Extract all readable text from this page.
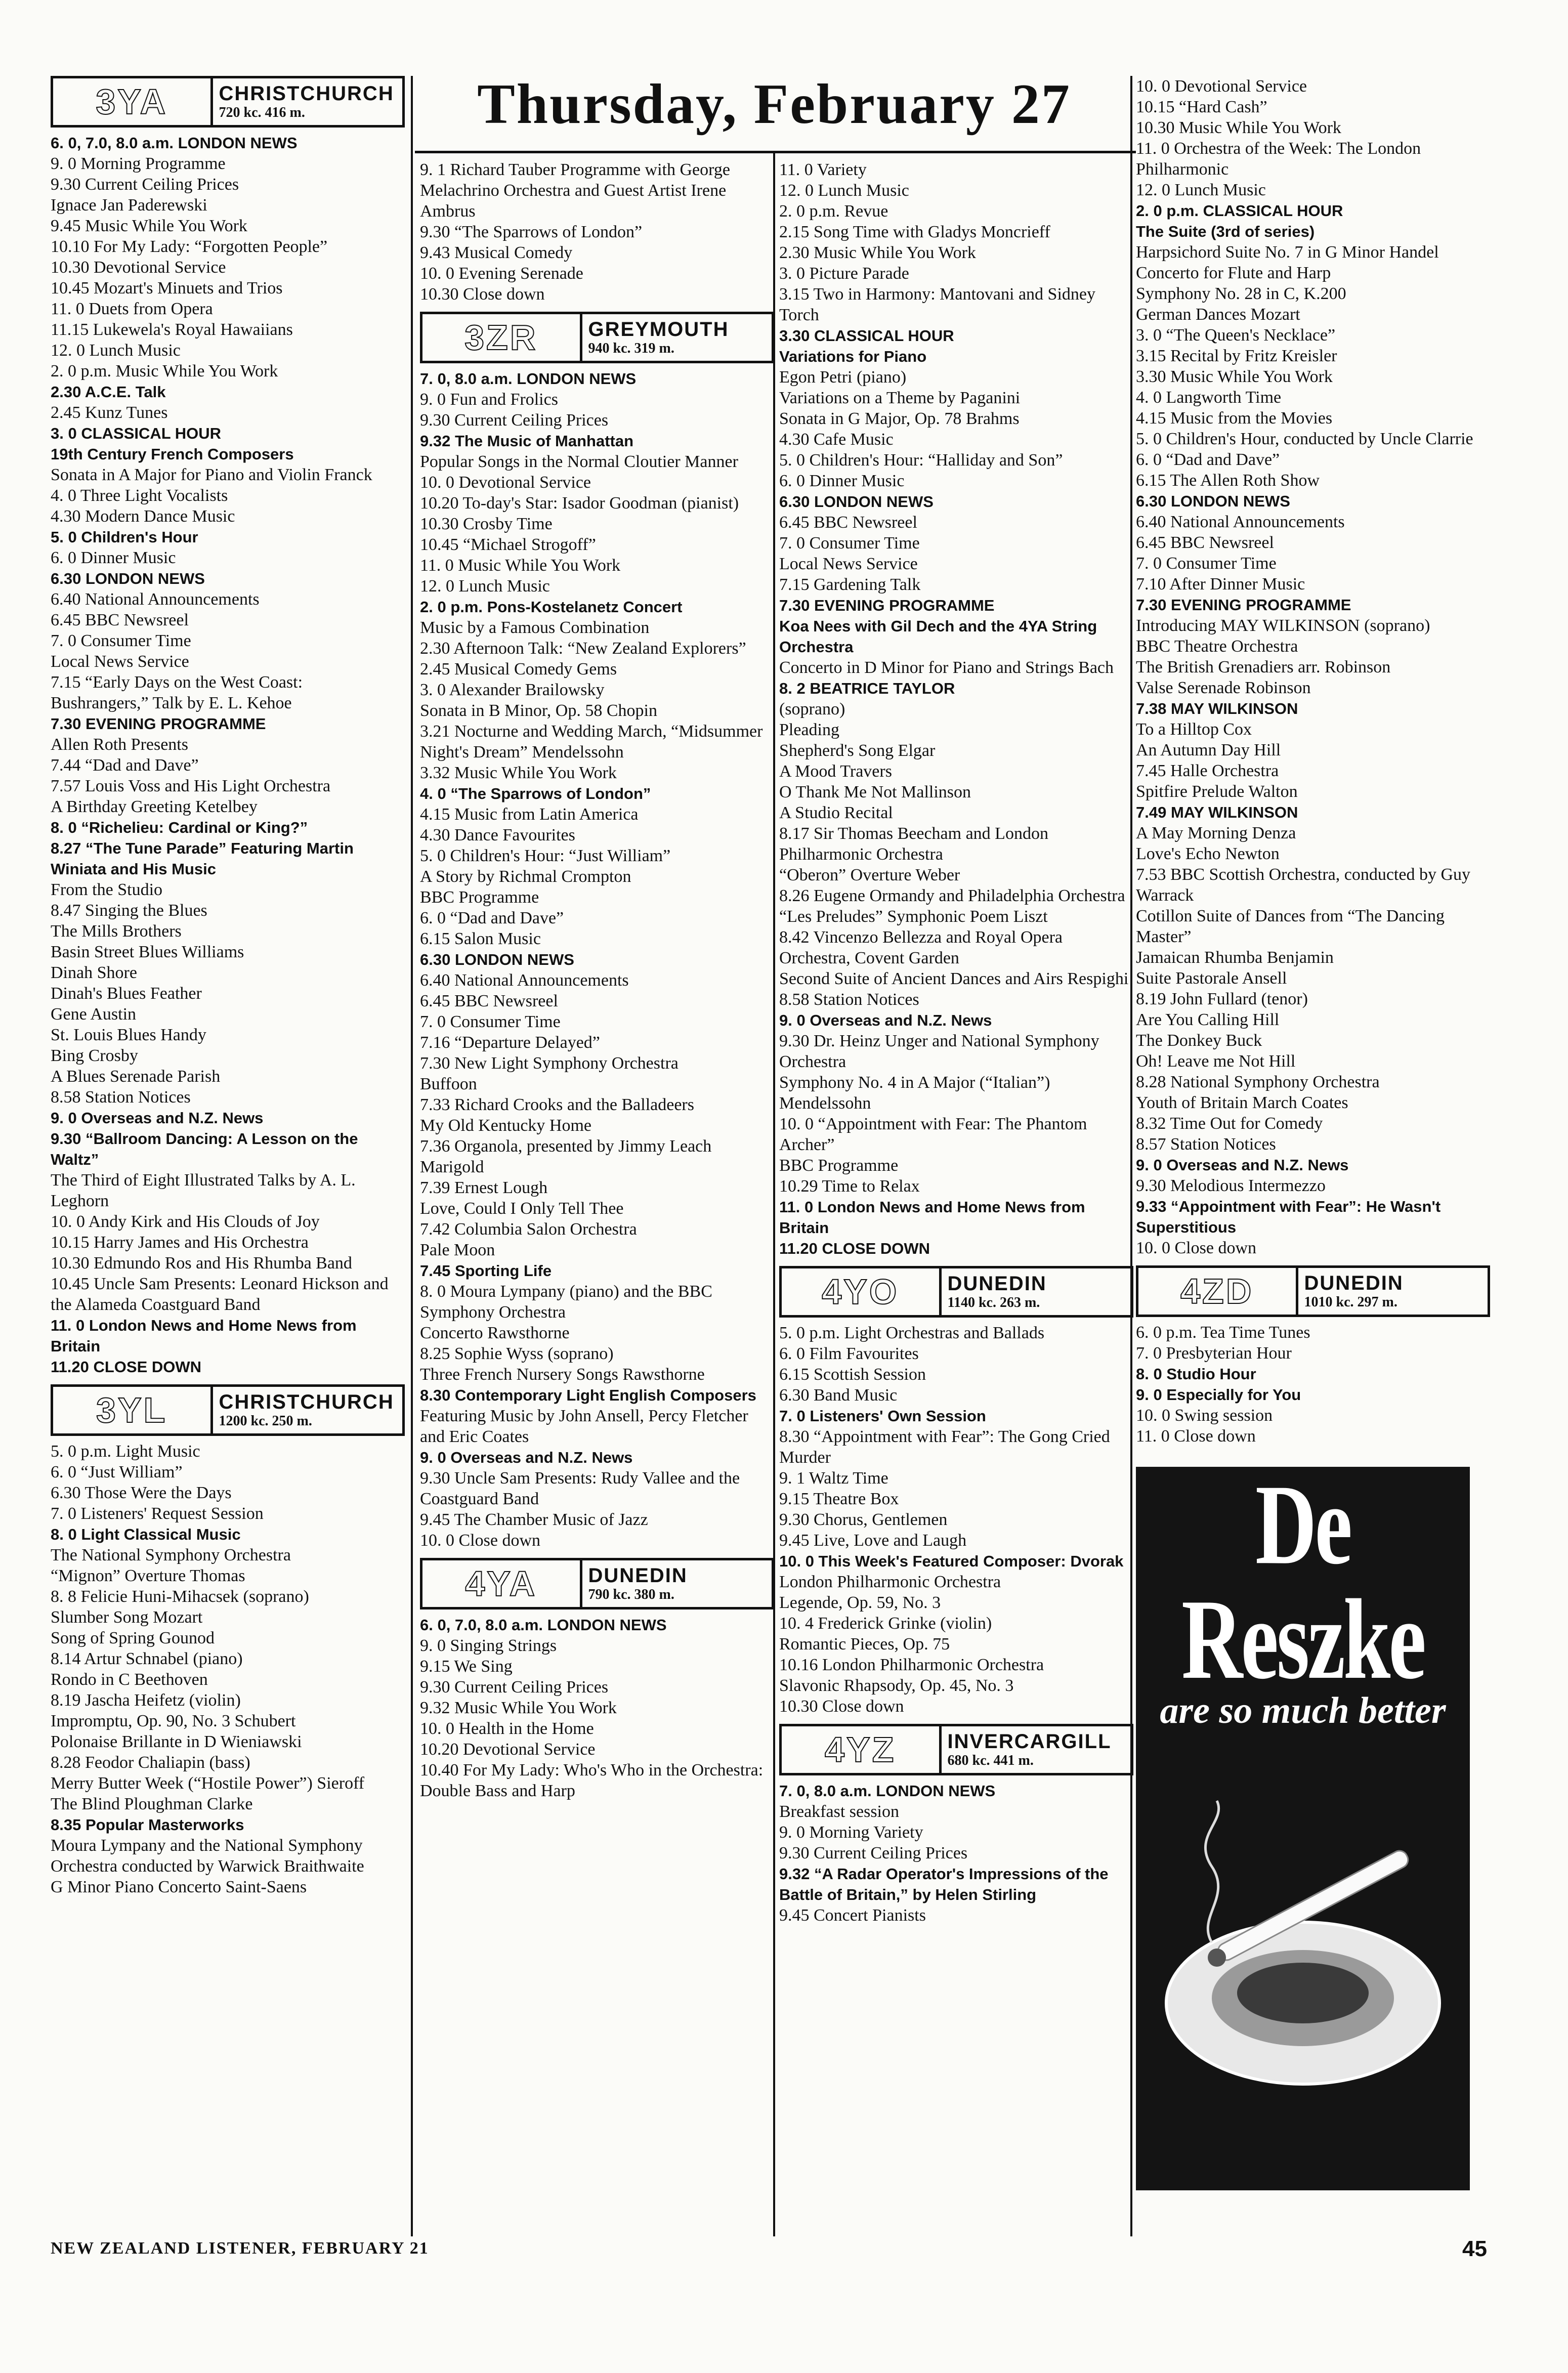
Thursday, February 27
3YA	CHRISTCHURCH
720 kc. 416 m.

6. 0, 7.0, 8.0 a.m. LONDON NEWS

9. 0 Morning Programme

9.30 Current Ceiling Prices

Ignace Jan Paderewski

9.45 Music While You Work

10.10 For My Lady: “Forgotten People”

10.30 Devotional Service

10.45 Mozart's Minuets and Trios

11. 0 Duets from Opera

11.15 Lukewela's Royal Hawaiians

12. 0 Lunch Music

2. 0 p.m. Music While You Work

2.30 A.C.E. Talk

2.45 Kunz Tunes

3. 0 CLASSICAL HOUR

19th Century French Composers

Sonata in A Major for Piano and Violin Franck

4. 0 Three Light Vocalists

4.30 Modern Dance Music

5. 0 Children's Hour

6. 0 Dinner Music

6.30 LONDON NEWS

6.40 National Announcements

6.45 BBC Newsreel

7. 0 Consumer Time

Local News Service

7.15 “Early Days on the West Coast: Bushrangers,” Talk by E. L. Kehoe

7.30 EVENING PROGRAMME

Allen Roth Presents

7.44 “Dad and Dave”

7.57 Louis Voss and His Light Orchestra

A Birthday Greeting Ketelbey

8. 0 “Richelieu: Cardinal or King?”

8.27 “The Tune Parade” Featuring Martin Winiata and His Music

From the Studio

8.47 Singing the Blues

The Mills Brothers

Basin Street Blues Williams

Dinah Shore

Dinah's Blues Feather

Gene Austin

St. Louis Blues Handy

Bing Crosby

A Blues Serenade Parish

8.58 Station Notices

9. 0 Overseas and N.Z. News

9.30 “Ballroom Dancing: A Lesson on the Waltz”

The Third of Eight Illustrated Talks by A. L. Leghorn

10. 0 Andy Kirk and His Clouds of Joy

10.15 Harry James and His Orchestra

10.30 Edmundo Ros and His Rhumba Band

10.45 Uncle Sam Presents: Leonard Hickson and the Alameda Coastguard Band

11. 0 London News and Home News from Britain

11.20 CLOSE DOWN

3YL	CHRISTCHURCH
1200 kc. 250 m.

5. 0 p.m. Light Music

6. 0 “Just William”

6.30 Those Were the Days

7. 0 Listeners' Request Session

8. 0 Light Classical Music

The National Symphony Orchestra

“Mignon” Overture Thomas

8. 8 Felicie Huni-Mihacsek (soprano)

Slumber Song Mozart

Song of Spring Gounod

8.14 Artur Schnabel (piano)

Rondo in C Beethoven

8.19 Jascha Heifetz (violin)

Impromptu, Op. 90, No. 3 Schubert

Polonaise Brillante in D Wieniawski

8.28 Feodor Chaliapin (bass)

Merry Butter Week (“Hostile Power”) Sieroff

The Blind Ploughman Clarke

8.35 Popular Masterworks

Moura Lympany and the National Symphony Orchestra conducted by Warwick Braithwaite

G Minor Piano Concerto Saint-Saens

9. 1 Richard Tauber Programme with George Melachrino Orchestra and Guest Artist Irene Ambrus

9.30 “The Sparrows of London”

9.43 Musical Comedy

10. 0 Evening Serenade

10.30 Close down

3ZR	GREYMOUTH
940 kc. 319 m.

7. 0, 8.0 a.m. LONDON NEWS

9. 0 Fun and Frolics

9.30 Current Ceiling Prices

9.32 The Music of Manhattan

Popular Songs in the Normal Cloutier Manner

10. 0 Devotional Service

10.20 To-day's Star: Isador Goodman (pianist)

10.30 Crosby Time

10.45 “Michael Strogoff”

11. 0 Music While You Work

12. 0 Lunch Music

2. 0 p.m. Pons-Kostelanetz Concert

Music by a Famous Combination

2.30 Afternoon Talk: “New Zealand Explorers”

2.45 Musical Comedy Gems

3. 0 Alexander Brailowsky

Sonata in B Minor, Op. 58 Chopin

3.21 Nocturne and Wedding March, “Midsummer Night's Dream” Mendelssohn

3.32 Music While You Work

4. 0 “The Sparrows of London”

4.15 Music from Latin America

4.30 Dance Favourites

5. 0 Children's Hour: “Just William”

A Story by Richmal Crompton

BBC Programme

6. 0 “Dad and Dave”

6.15 Salon Music

6.30 LONDON NEWS

6.40 National Announcements

6.45 BBC Newsreel

7. 0 Consumer Time

7.16 “Departure Delayed”

7.30 New Light Symphony Orchestra

Buffoon

7.33 Richard Crooks and the Balladeers

My Old Kentucky Home

7.36 Organola, presented by Jimmy Leach

Marigold

7.39 Ernest Lough

Love, Could I Only Tell Thee

7.42 Columbia Salon Orchestra

Pale Moon

7.45 Sporting Life

8. 0 Moura Lympany (piano) and the BBC Symphony Orchestra

Concerto Rawsthorne

8.25 Sophie Wyss (soprano)

Three French Nursery Songs Rawsthorne

8.30 Contemporary Light English Composers

Featuring Music by John Ansell, Percy Fletcher and Eric Coates

9. 0 Overseas and N.Z. News

9.30 Uncle Sam Presents: Rudy Vallee and the Coastguard Band

9.45 The Chamber Music of Jazz

10. 0 Close down

4YA	DUNEDIN
790 kc. 380 m.

6. 0, 7.0, 8.0 a.m. LONDON NEWS

9. 0 Singing Strings

9.15 We Sing

9.30 Current Ceiling Prices

9.32 Music While You Work

10. 0 Health in the Home

10.20 Devotional Service

10.40 For My Lady: Who's Who in the Orchestra: Double Bass and Harp

11. 0 Variety

12. 0 Lunch Music

2. 0 p.m. Revue

2.15 Song Time with Gladys Moncrieff

2.30 Music While You Work

3. 0 Picture Parade

3.15 Two in Harmony: Mantovani and Sidney Torch

3.30 CLASSICAL HOUR

Variations for Piano

Egon Petri (piano)

Variations on a Theme by Paganini

Sonata in G Major, Op. 78 Brahms

4.30 Cafe Music

5. 0 Children's Hour: “Halliday and Son”

6. 0 Dinner Music

6.30 LONDON NEWS

6.45 BBC Newsreel

7. 0 Consumer Time

Local News Service

7.15 Gardening Talk

7.30 EVENING PROGRAMME

Koa Nees with Gil Dech and the 4YA String Orchestra

Concerto in D Minor for Piano and Strings Bach

8. 2 BEATRICE TAYLOR

(soprano)

Pleading

Shepherd's Song Elgar

A Mood Travers

O Thank Me Not Mallinson

A Studio Recital

8.17 Sir Thomas Beecham and London Philharmonic Orchestra

“Oberon” Overture Weber

8.26 Eugene Ormandy and Philadelphia Orchestra

“Les Preludes” Symphonic Poem Liszt

8.42 Vincenzo Bellezza and Royal Opera Orchestra, Covent Garden

Second Suite of Ancient Dances and Airs Respighi

8.58 Station Notices

9. 0 Overseas and N.Z. News

9.30 Dr. Heinz Unger and National Symphony Orchestra

Symphony No. 4 in A Major (“Italian”) Mendelssohn

10. 0 “Appointment with Fear: The Phantom Archer”

BBC Programme

10.29 Time to Relax

11. 0 London News and Home News from Britain

11.20 CLOSE DOWN

4YO	DUNEDIN
1140 kc. 263 m.

5. 0 p.m. Light Orchestras and Ballads

6. 0 Film Favourites

6.15 Scottish Session

6.30 Band Music

7. 0 Listeners' Own Session

8.30 “Appointment with Fear”: The Gong Cried Murder

9. 1 Waltz Time

9.15 Theatre Box

9.30 Chorus, Gentlemen

9.45 Live, Love and Laugh

10. 0 This Week's Featured Composer: Dvorak

London Philharmonic Orchestra

Legende, Op. 59, No. 3

10. 4 Frederick Grinke (violin)

Romantic Pieces, Op. 75

10.16 London Philharmonic Orchestra

Slavonic Rhapsody, Op. 45, No. 3

10.30 Close down

4YZ	INVERCARGILL
680 kc. 441 m.

7. 0, 8.0 a.m. LONDON NEWS

Breakfast session

9. 0 Morning Variety

9.30 Current Ceiling Prices

9.32 “A Radar Operator's Impressions of the Battle of Britain,” by Helen Stirling

9.45 Concert Pianists

10. 0 Devotional Service

10.15 “Hard Cash”

10.30 Music While You Work

11. 0 Orchestra of the Week: The London Philharmonic

12. 0 Lunch Music

2. 0 p.m. CLASSICAL HOUR

The Suite (3rd of series)

Harpsichord Suite No. 7 in G Minor Handel

Concerto for Flute and Harp

Symphony No. 28 in C, K.200

German Dances Mozart

3. 0 “The Queen's Necklace”

3.15 Recital by Fritz Kreisler

3.30 Music While You Work

4. 0 Langworth Time

4.15 Music from the Movies

5. 0 Children's Hour, conducted by Uncle Clarrie

6. 0 “Dad and Dave”

6.15 The Allen Roth Show

6.30 LONDON NEWS

6.40 National Announcements

6.45 BBC Newsreel

7. 0 Consumer Time

7.10 After Dinner Music

7.30 EVENING PROGRAMME

Introducing MAY WILKINSON (soprano)

BBC Theatre Orchestra

The British Grenadiers arr. Robinson

Valse Serenade Robinson

7.38 MAY WILKINSON

To a Hilltop Cox

An Autumn Day Hill

7.45 Halle Orchestra

Spitfire Prelude Walton

7.49 MAY WILKINSON

A May Morning Denza

Love's Echo Newton

7.53 BBC Scottish Orchestra, conducted by Guy Warrack

Cotillon Suite of Dances from “The Dancing Master”

Jamaican Rhumba Benjamin

Suite Pastorale Ansell

8.19 John Fullard (tenor)

Are You Calling Hill

The Donkey Buck

Oh! Leave me Not Hill

8.28 National Symphony Orchestra

Youth of Britain March Coates

8.32 Time Out for Comedy

8.57 Station Notices

9. 0 Overseas and N.Z. News

9.30 Melodious Intermezzo

9.33 “Appointment with Fear”: He Wasn't Superstitious

10. 0 Close down

4ZD	DUNEDIN
1010 kc. 297 m.

6. 0 p.m. Tea Time Tunes

7. 0 Presbyterian Hour

8. 0 Studio Hour

9. 0 Especially for You

10. 0 Swing session

11. 0 Close down

De Reszke
are so much better
NEW ZEALAND LISTENER, FEBRUARY 21	45
